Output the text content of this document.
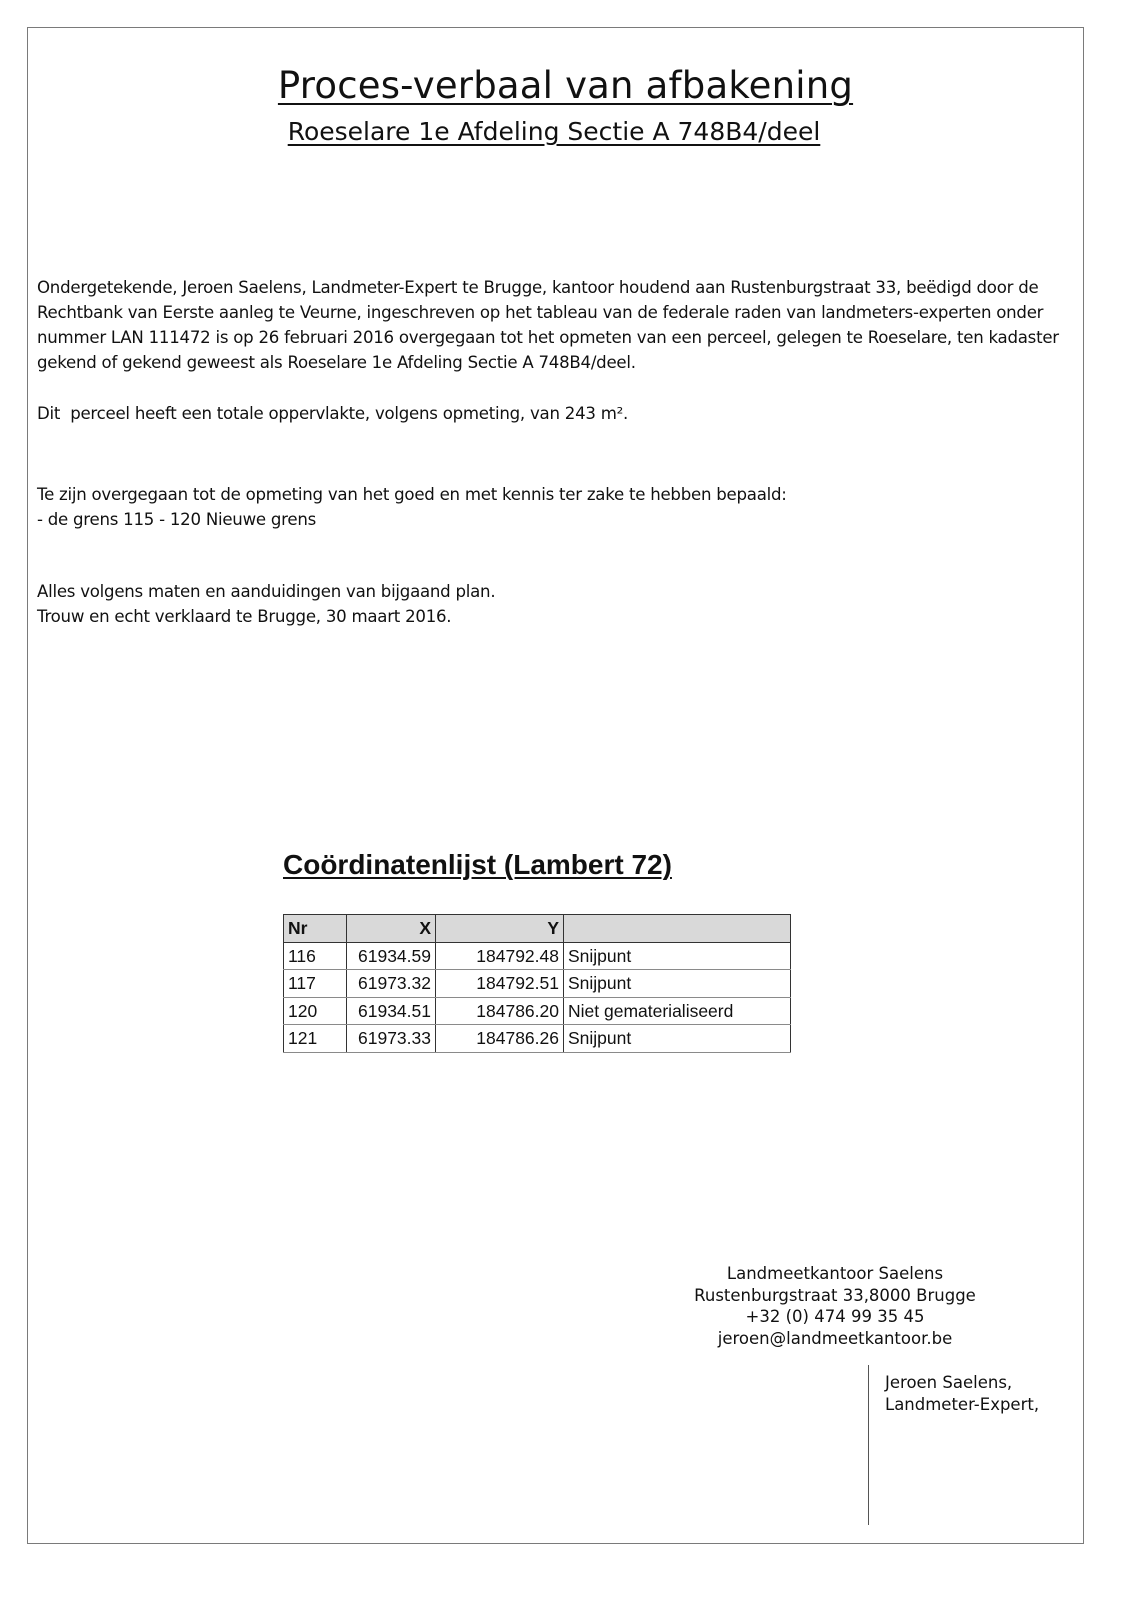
Proces-verbaal van afbakening
Roeselare 1e Afdeling Sectie A 748B4/deel

Ondergetekende, Jeroen Saelens, Landmeter-Expert te Brugge, kantoor houdend aan Rustenburgstraat 33, beëdigd door de Rechtbank van Eerste aanleg te Veurne, ingeschreven op het tableau van de federale raden van landmeters-experten onder nummer LAN 111472 is op 26 februari 2016 overgegaan tot het opmeten van een perceel, gelegen te Roeselare, ten kadaster gekend of gekend geweest als Roeselare 1e Afdeling Sectie A 748B4/deel.

Dit  perceel heeft een totale oppervlakte, volgens opmeting, van 243 m².

Te zijn overgegaan tot de opmeting van het goed en met kennis ter zake te hebben bepaald:
- de grens 115 - 120 Nieuwe grens

Alles volgens maten en aanduidingen van bijgaand plan.
Trouw en echt verklaard te Brugge, 30 maart 2016.

Coördinatenlijst (Lambert 72)
Nr	X	Y	
116	61934.59	184792.48	Snijpunt
117	61973.32	184792.51	Snijpunt
120	61934.51	184786.20	Niet gematerialiseerd
121	61973.33	184786.26	Snijpunt
Landmeetkantoor Saelens
Rustenburgstraat 33,8000 Brugge
+32 (0) 474 99 35 45
jeroen@landmeetkantoor.be
Jeroen Saelens,
Landmeter-Expert,
